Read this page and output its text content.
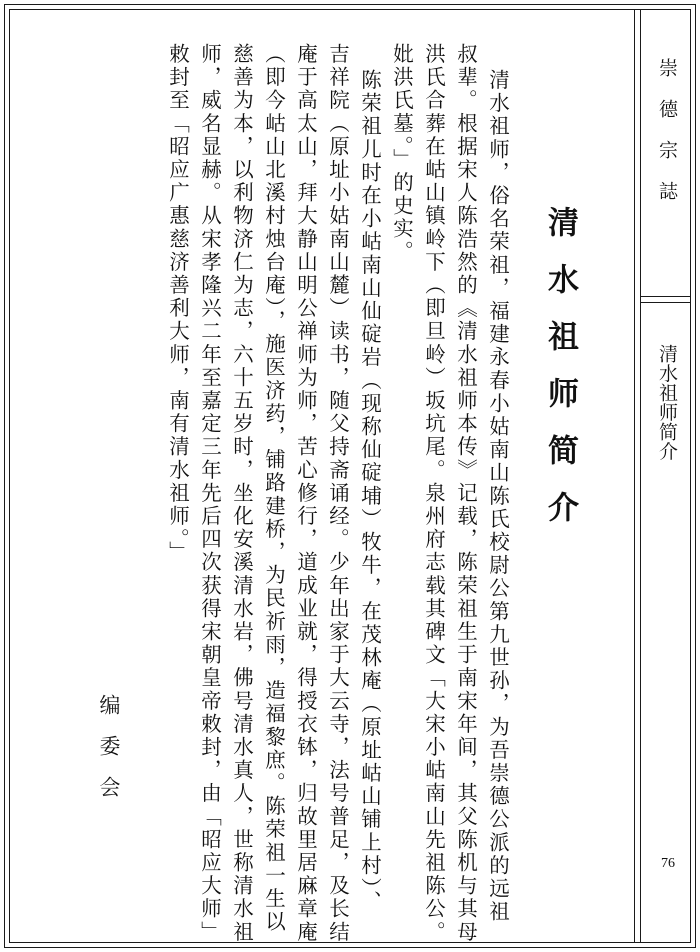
崇德宗誌
清水祖师简介
76
清水祖师简介
编委会	清水祖师，俗名荣祖，福建永春小姑南山陈氏校尉公第九世孙，为吾崇德公派的远祖
叔辈。根据宋人陈浩然的《清水祖师本传》记载，陈荣祖生于南宋年间，其父陈机与其母
洪氏合葬在岵山镇岭下（即旦岭）坂坑尾。泉州府志载其碑文「大宋小岵南山先祖陈公。
妣洪氏墓。」的史实。
陈荣祖儿时在小岵南山仙碇岩（现称仙碇埔）牧牛，在茂林庵（原址岵山铺上村）、
吉祥院（原址小姑南山麓）读书，随父持斋诵经。少年出家于大云寺，法号普足，及长结
庵于高太山，拜大静山明公禅师为师，苦心修行，道成业就，得授衣钵，归故里居麻章庵
（即今岵山北溪村烛台庵），施医济药，铺路建桥，为民祈雨，造福黎庶。陈荣祖一生以
慈善为本，以利物济仁为志，六十五岁时，坐化安溪清水岩，佛号清水真人，世称清水祖
师，威名显赫。从宋孝隆兴二年至嘉定三年先后四次获得宋朝皇帝敕封，由「昭应大师」
敕封至「昭应广惠慈济善利大师，南有清水祖师。」
